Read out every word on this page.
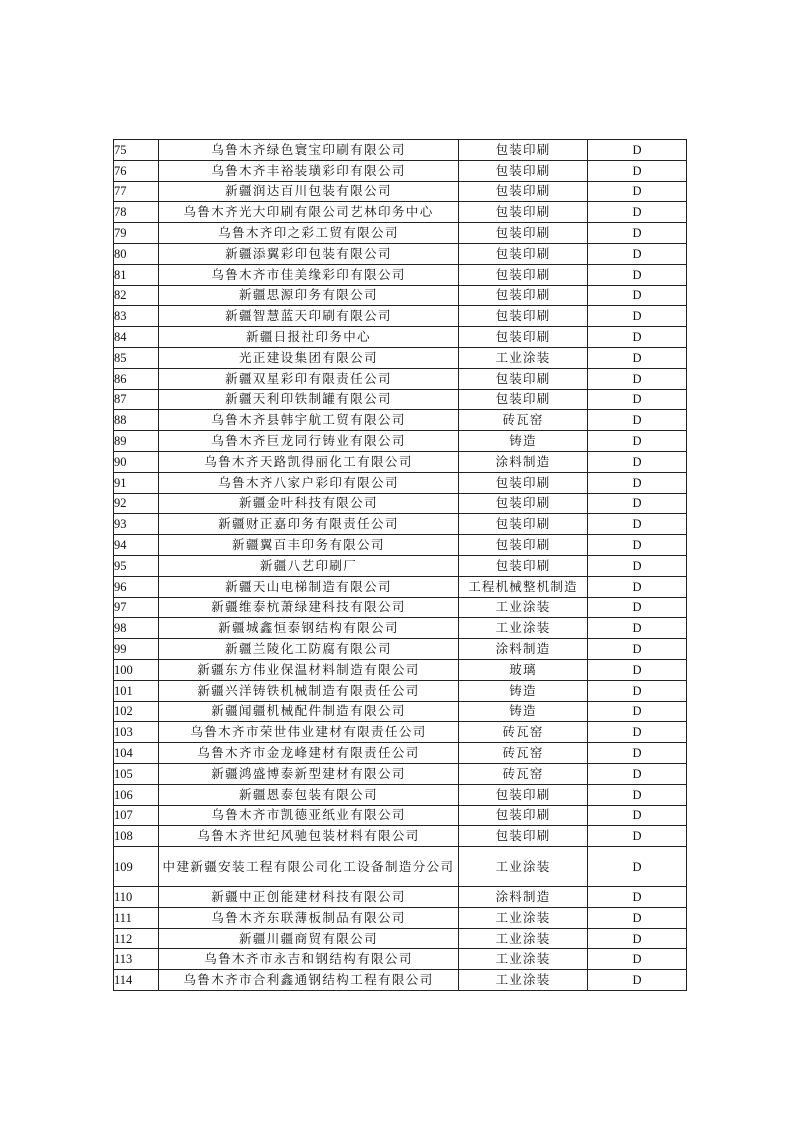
75	乌鲁木齐绿色寰宝印刷有限公司	包装印刷	D
76	乌鲁木齐丰裕装璜彩印有限公司	包装印刷	D
77	新疆润达百川包装有限公司	包装印刷	D
78	乌鲁木齐光大印刷有限公司艺林印务中心	包装印刷	D
79	乌鲁木齐印之彩工贸有限公司	包装印刷	D
80	新疆添翼彩印包装有限公司	包装印刷	D
81	乌鲁木齐市佳美缘彩印有限公司	包装印刷	D
82	新疆思源印务有限公司	包装印刷	D
83	新疆智慧蓝天印刷有限公司	包装印刷	D
84	新疆日报社印务中心	包装印刷	D
85	光正建设集团有限公司	工业涂装	D
86	新疆双星彩印有限责任公司	包装印刷	D
87	新疆天利印铁制罐有限公司	包装印刷	D
88	乌鲁木齐县韩宇航工贸有限公司	砖瓦窑	D
89	乌鲁木齐巨龙同行铸业有限公司	铸造	D
90	乌鲁木齐天路凯得丽化工有限公司	涂料制造	D
91	乌鲁木齐八家户彩印有限公司	包装印刷	D
92	新疆金叶科技有限公司	包装印刷	D
93	新疆财正嘉印务有限责任公司	包装印刷	D
94	新疆翼百丰印务有限公司	包装印刷	D
95	新疆八艺印刷厂	包装印刷	D
96	新疆天山电梯制造有限公司	工程机械整机制造	D
97	新疆维泰杭萧绿建科技有限公司	工业涂装	D
98	新疆城鑫恒泰钢结构有限公司	工业涂装	D
99	新疆兰陵化工防腐有限公司	涂料制造	D
100	新疆东方伟业保温材料制造有限公司	玻璃	D
101	新疆兴洋铸铁机械制造有限责任公司	铸造	D
102	新疆闻疆机械配件制造有限公司	铸造	D
103	乌鲁木齐市荣世伟业建材有限责任公司	砖瓦窑	D
104	乌鲁木齐市金龙峰建材有限责任公司	砖瓦窑	D
105	新疆鸿盛博泰新型建材有限公司	砖瓦窑	D
106	新疆恩泰包装有限公司	包装印刷	D
107	乌鲁木齐市凯德亚纸业有限公司	包装印刷	D
108	乌鲁木齐世纪风驰包装材料有限公司	包装印刷	D
109	中建新疆安装工程有限公司化工设备制造分公司	工业涂装	D
110	新疆中正创能建材科技有限公司	涂料制造	D
111	乌鲁木齐东联薄板制品有限公司	工业涂装	D
112	新疆川疆商贸有限公司	工业涂装	D
113	乌鲁木齐市永吉和钢结构有限公司	工业涂装	D
114	乌鲁木齐市合利鑫通钢结构工程有限公司	工业涂装	D
